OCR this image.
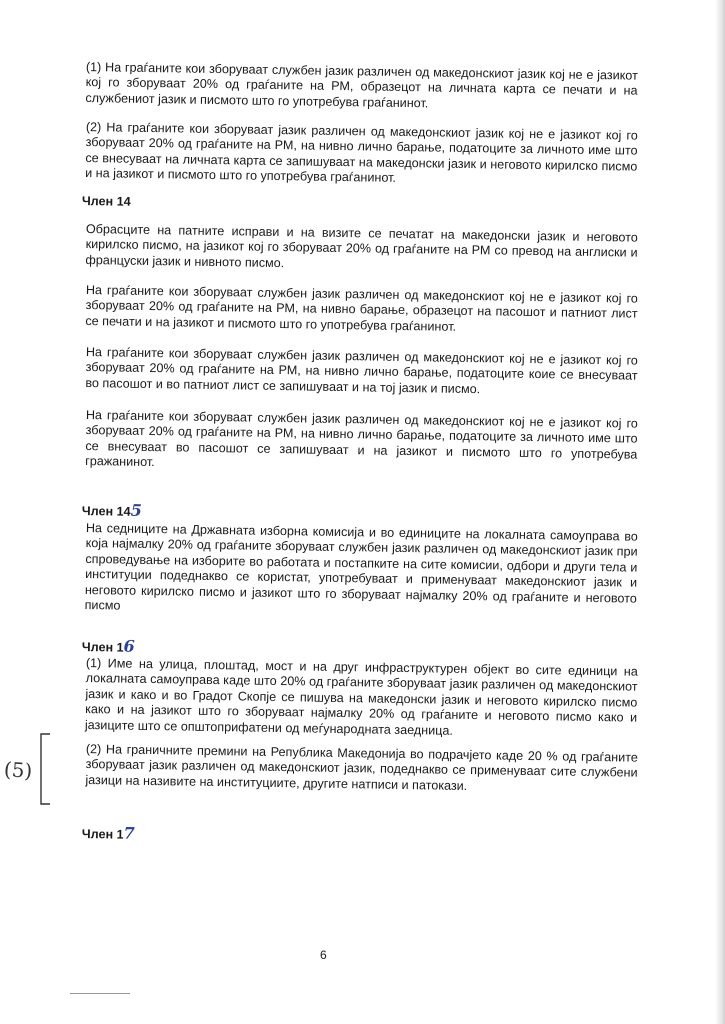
(1) На граѓаните кои зборуваат службен јазик различен од македонскиот јазик кој не е јазикот кој го зборуваат 20% од граѓаните на РМ, образецот на личната карта се печати и на службениот јазик и писмото што го употребува граѓанинот.

(2) На граѓаните кои зборуваат јазик различен од македонскиот јазик кој не е јазикот кој го зборуваат 20% од граѓаните на РМ, на нивно лично барање, податоците за личното име што се внесуваат на личната карта се запишуваат на македонски јазик и неговото кирилско писмо и на јазикот и писмото што го употребува граѓанинот.

Член 14

Обрасците на патните исправи и на визите се печатат на македонски јазик и неговото кирилско писмо, на јазикот кој го зборуваат 20% од граѓаните на РМ со превод на англиски и француски јазик и нивното писмо.

На граѓаните кои зборуваат службен јазик различен од македонскиот кој не е јазикот кој го зборуваат 20% од граѓаните на РМ, на нивно барање, образецот на пасошот и патниот лист се печати и на јазикот и писмото што го употребува граѓанинот.

На граѓаните кои зборуваат службен јазик различен од македонскиот кој не е јазикот кој го зборуваат 20% од граѓаните на РМ, на нивно лично барање, податоците коие се внесуваат во пасошот и во патниот лист се запишуваат и на тој јазик и писмо.

На граѓаните кои зборуваат службен јазик различен од македонскиот кој не е јазикот кој го зборуваат 20% од граѓаните на РМ, на нивно лично барање, податоците за личното име што се внесуваат во пасошот се запишуваат и на јазикот и писмото што го употребува гражанинот.

Член 145

На седниците на Државната изборна комисија и во единиците на локалната самоуправа во која најмалку 20% од граѓаните зборуваат службен јазик различен од македонскиот јазик при спроведување на изборите во работата и постапките на сите комисии, одбори и други тела и институции подеднакво се користат, употребуваат и применуваат македонскиот јазик и неговото кирилско писмо и јазикот што го зборуваат најмалку 20% од граѓаните и неговото писмо

Член 16

(1) Име на улица, плоштад, мост и на друг инфраструктурен објект во сите единици на локалната самоуправа каде што 20% од граѓаните зборуваат јазик различен од македонскиот јазик и како и во Градот Скопје се пишува на македонски јазик и неговото кирилско писмо како и на јазикот што го зборуваат најмалку 20% од граѓаните и неговото писмо како и јазиците што се општоприфатени од меѓународната заедница.

(5)

(2) На граничните премини на Република Македонија во подрачјето каде 20 % од граѓаните зборуваат јазик различен од македонскиот јазик, подеднакво се применуваат сите службени јазици на називите на институциите, другите натписи и патокази.

Член 17

6
